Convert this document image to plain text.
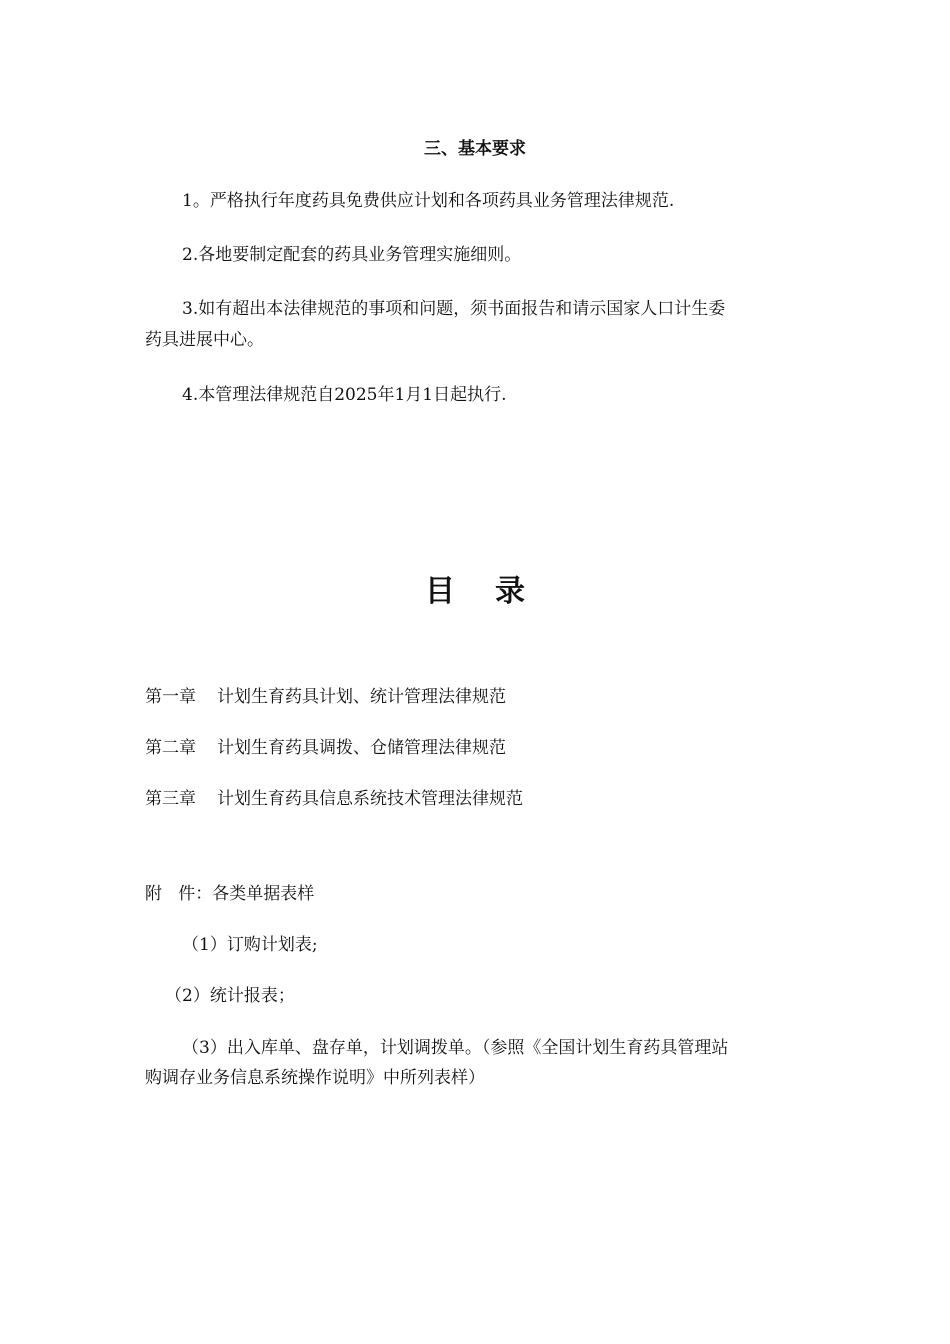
三、基本要求
1。严格执行年度药具免费供应计划和各项药具业务管理法律规范.
2.各地要制定配套的药具业务管理实施细则。
3.如有超出本法律规范的事项和问题，须书面报告和请示国家人口计生委
药具进展中心。
4.本管理法律规范自2025年1月1日起执行.
目录
第一章 计划生育药具计划、统计管理法律规范
第二章 计划生育药具调拨、仓储管理法律规范
第三章 计划生育药具信息系统技术管理法律规范
附   件：各类单据表样
（1）订购计划表;
（2）统计报表；
（3）出入库单、盘存单，计划调拨单。（参照《全国计划生育药具管理站
购调存业务信息系统操作说明》中所列表样）
